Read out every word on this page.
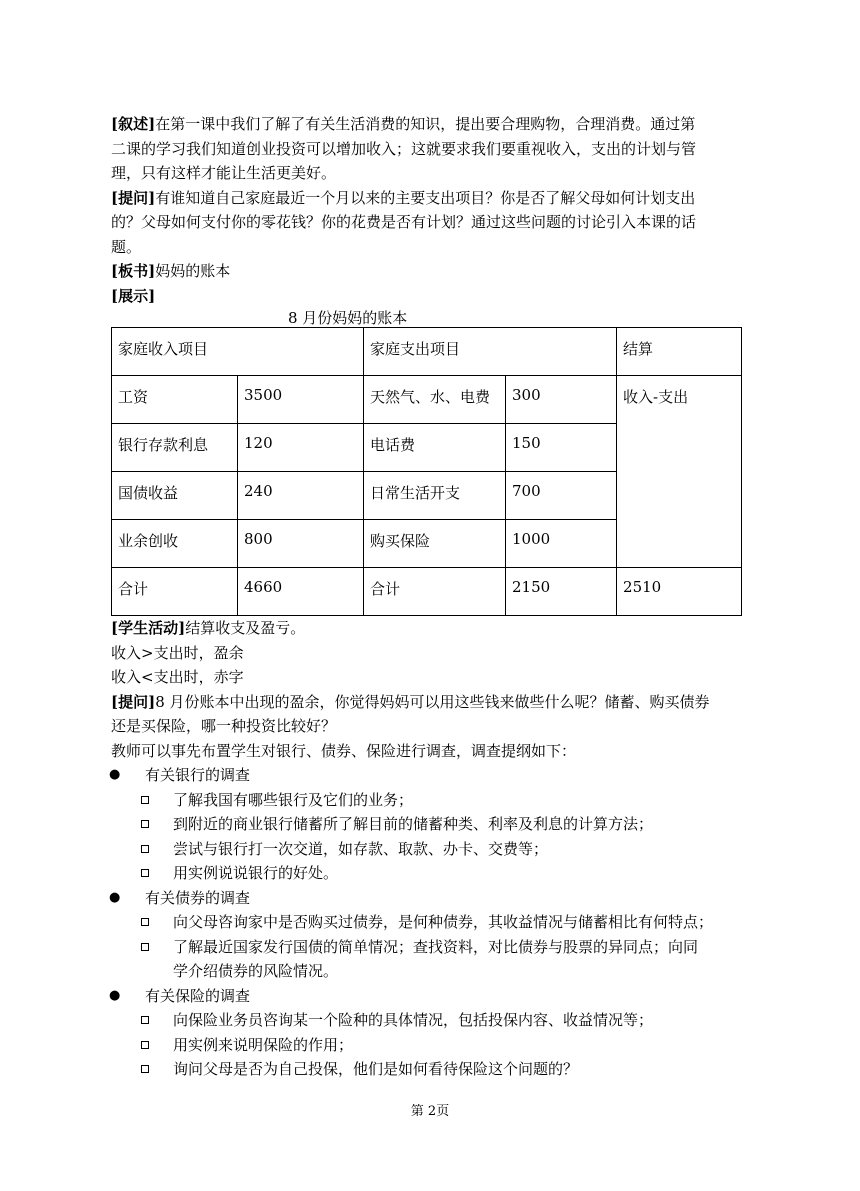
[叙述]在第一课中我们了解了有关生活消费的知识，提出要合理购物，合理消费。通过第

二课的学习我们知道创业投资可以增加收入；这就要求我们要重视收入，支出的计划与管

理，只有这样才能让生活更美好。

[提问]有谁知道自己家庭最近一个月以来的主要支出项目？你是否了解父母如何计划支出

的？父母如何支付你的零花钱？你的花费是否有计划？通过这些问题的讨论引入本课的话

题。

[板书]妈妈的账本

[展示]

8 月份妈妈的账本

家庭收入项目		家庭支出项目		结算
工资	3500	天然气、水、电费	300	收入-支出
银行存款利息	120	电话费	150	
国债收益	240	日常生活开支	700	
业余创收	800	购买保险	1000	
合计	4660	合计	2150	2510

[学生活动]结算收支及盈亏。

收入>支出时，盈余

收入<支出时，赤字

[提问]8 月份账本中出现的盈余，你觉得妈妈可以用这些钱来做些什么呢？储蓄、购买债券

还是买保险，哪一种投资比较好？

教师可以事先布置学生对银行、债券、保险进行调查，调查提纲如下：

● 有关银行的调查
了解我国有哪些银行及它们的业务；
到附近的商业银行储蓄所了解目前的储蓄种类、利率及利息的计算方法；
尝试与银行打一次交道，如存款、取款、办卡、交费等；
用实例说说银行的好处。
● 有关债券的调查
向父母咨询家中是否购买过债券，是何种债券，其收益情况与储蓄相比有何特点；
了解最近国家发行国债的简单情况；查找资料，对比债券与股票的异同点；向同
学介绍债券的风险情况。
● 有关保险的调查
向保险业务员咨询某一个险种的具体情况，包括投保内容、收益情况等；
用实例来说明保险的作用；
询问父母是否为自己投保，他们是如何看待保险这个问题的？
第 2页
